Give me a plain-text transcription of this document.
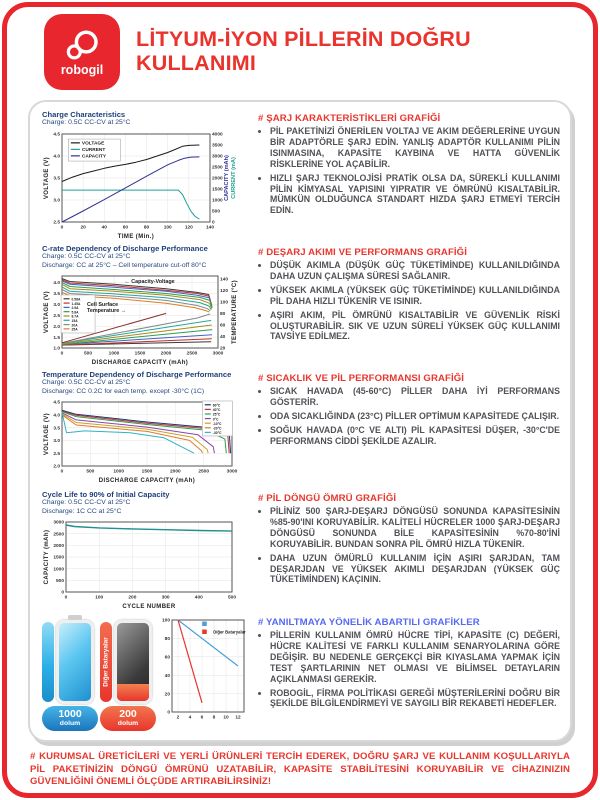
robogil
LİTYUM-İYON PİLLERİN DOĞRU
KULLANIMI
Charge Characteristics
Charge: 0.5C CC-CV at 25°C
0	20	40	60	80	100	120	140
2.5
3.0
3.5
4.0
4.5
0
500
1000
1500
2000
2500
3000
3500
4000
TIME (Min.)
VOLTAGE (V)	CAPACITY (mAh) CURRENT (mA)
VOLTAGE
CURRENT
CAPACITY
# ŞARJ KARAKTERİSTİKLERİ GRAFİĞİ
• PİL PAKETİNİZİ ÖNERİLEN VOLTAJ VE AKIM DEĞERLERİNE UYGUN BİR ADAPTÖRLE ŞARJ EDİN. YANLIŞ ADAPTÖR KULLANIMI PİLİN ISINMASINA, KAPASİTE KAYBINA VE HATTA GÜVENLİK RİSKLERİNE YOL AÇABİLİR.
• HIZLI ŞARJ TEKNOLOJİSİ PRATİK OLSA DA, SÜREKLİ KULLANIMI PİLİN KİMYASAL YAPISINI YIPRATIR VE ÖMRÜNÜ KISALTABİLİR. MÜMKÜN OLDUĞUNCA STANDART HIZDA ŞARJ ETMEYİ TERCİH EDİN.
C-rate Dependency of Discharge Performance
Charge: 0.5C CC-CV at 25°C
Discharge: CC at 25°C – Cell temperature cut-off 80°C
0	500	1000	1500	2000	2500	3000
1.0
1.5
2.0
2.5
3.0
3.5
4.0
20
40
60
80
100
120
140
DISCHARGE CAPACITY (mAh)
VOLTAGE (V)	TEMPERATURE (°C)
0.58A
1.45A
2.9A
5.8A
8.7A
15A
20A
25A
← Capacity-Voltage
Cell Surface
Temperature →
# DEŞARJ AKIMI VE PERFORMANS GRAFİĞİ
• DÜŞÜK AKIMLA (DÜŞÜK GÜÇ TÜKETİMİNDE) KULLANILDIĞINDA DAHA UZUN ÇALIŞMA SÜRESİ SAĞLANIR.
• YÜKSEK AKIMLA (YÜKSEK GÜÇ TÜKETİMİNDE) KULLANILDIĞINDA PİL DAHA HIZLI TÜKENİR VE ISINIR.
• AŞIRI AKIM, PİL ÖMRÜNÜ KISALTABİLİR VE GÜVENLİK RİSKİ OLUŞTURABİLİR. SIK VE UZUN SÜRELİ YÜKSEK GÜÇ KULLANIMI TAVSİYE EDİLMEZ.
Temperature Dependency of Discharge Performance
Charge: 0.5C CC-CV at 25°C
Discharge: CC 0.2C for each temp. except -30°C (1C)
0	500	1000	1500	2000	2500	3000
2.0
2.5
3.0
3.5
4.0
4.5
DISCHARGE CAPACITY (mAh)
VOLTAGE (V)
60°C
40°C
25°C
0°C
-10°C
-20°C
-30°C
# SICAKLIK VE PİL PERFORMANSI GRAFİĞİ
• SICAK HAVADA (45-60°C) PİLLER DAHA İYİ PERFORMANS GÖSTERİR.
• ODA SICAKLIĞINDA (23°C) PİLLER OPTİMUM KAPASİTEDE ÇALIŞIR.
• SOĞUK HAVADA (0°C VE ALTI) PİL KAPASİTESİ DÜŞER, -30°C'DE PERFORMANS CİDDİ ŞEKİLDE AZALIR.
Cycle Life to 90% of Initial Capacity
Charge: 0.5C CC-CV at 25°C
Discharge: 1C CC at 25°C
0	100	200	300	400	500
0
500
1000
1500
2000
2500
3000
CYCLE NUMBER
CAPACITY (mAh)
# PİL DÖNGÜ ÖMRÜ GRAFİĞİ
• PİLİNİZ 500 ŞARJ-DEŞARJ DÖNGÜSÜ SONUNDA KAPASİTESİNİN %85-90'INI KORUYABİLİR. KALİTELİ HÜCRELER 1000 ŞARJ-DEŞARJ DÖNGÜSÜ SONUNDA BİLE KAPASİTESİNİN %70-80'İNİ KORUYABİLİR. BUNDAN SONRA PİL ÖMRÜ HIZLA TÜKENİR.
• DAHA UZUN ÖMÜRLÜ KULLANIM İÇİN AŞIRI ŞARJDAN, TAM DEŞARJDAN VE YÜKSEK AKIMLI DEŞARJDAN (YÜKSEK GÜÇ TÜKETİMİNDEN) KAÇININ.
Diğer Bataryalar
1000
dolum
200
dolum
2 4 6 8 10 12
0
20
40
60
80
100
Diğer Bataryalar
# YANILTMAYA YÖNELİK ABARTILI GRAFİKLER
• PİLLERİN KULLANIM ÖMRÜ HÜCRE TİPİ, KAPASİTE (C) DEĞERİ, HÜCRE KALİTESİ VE FARKLI KULLANIM SENARYOLARINA GÖRE DEĞİŞİR. BU NEDENLE GERÇEKÇİ BİR KIYASLAMA YAPMAK İÇİN TEST ŞARTLARININ NET OLMASI VE BİLİMSEL DETAYLARIN AÇIKLANMASI GEREKİR.
• ROBOGİL, FİRMA POLİTİKASI GEREĞİ MÜŞTERİLERİNİ DOĞRU BİR ŞEKİLDE BİLGİLENDİRMEYİ VE SAYGILI BİR REKABETİ HEDEFLER.

# KURUMSAL ÜRETİCİLERİ VE YERLİ ÜRÜNLERİ TERCİH EDEREK, DOĞRU ŞARJ VE KULLANIM KOŞULLARIYLA PİL PAKETİNİZİN DÖNGÜ ÖMRÜNÜ UZATABİLİR, KAPASİTE STABİLİTESİNİ KORUYABİLİR VE CİHAZINIZIN GÜVENLİĞİNİ ÖNEMLİ ÖLÇÜDE ARTIRABİLİRSİNİZ!
